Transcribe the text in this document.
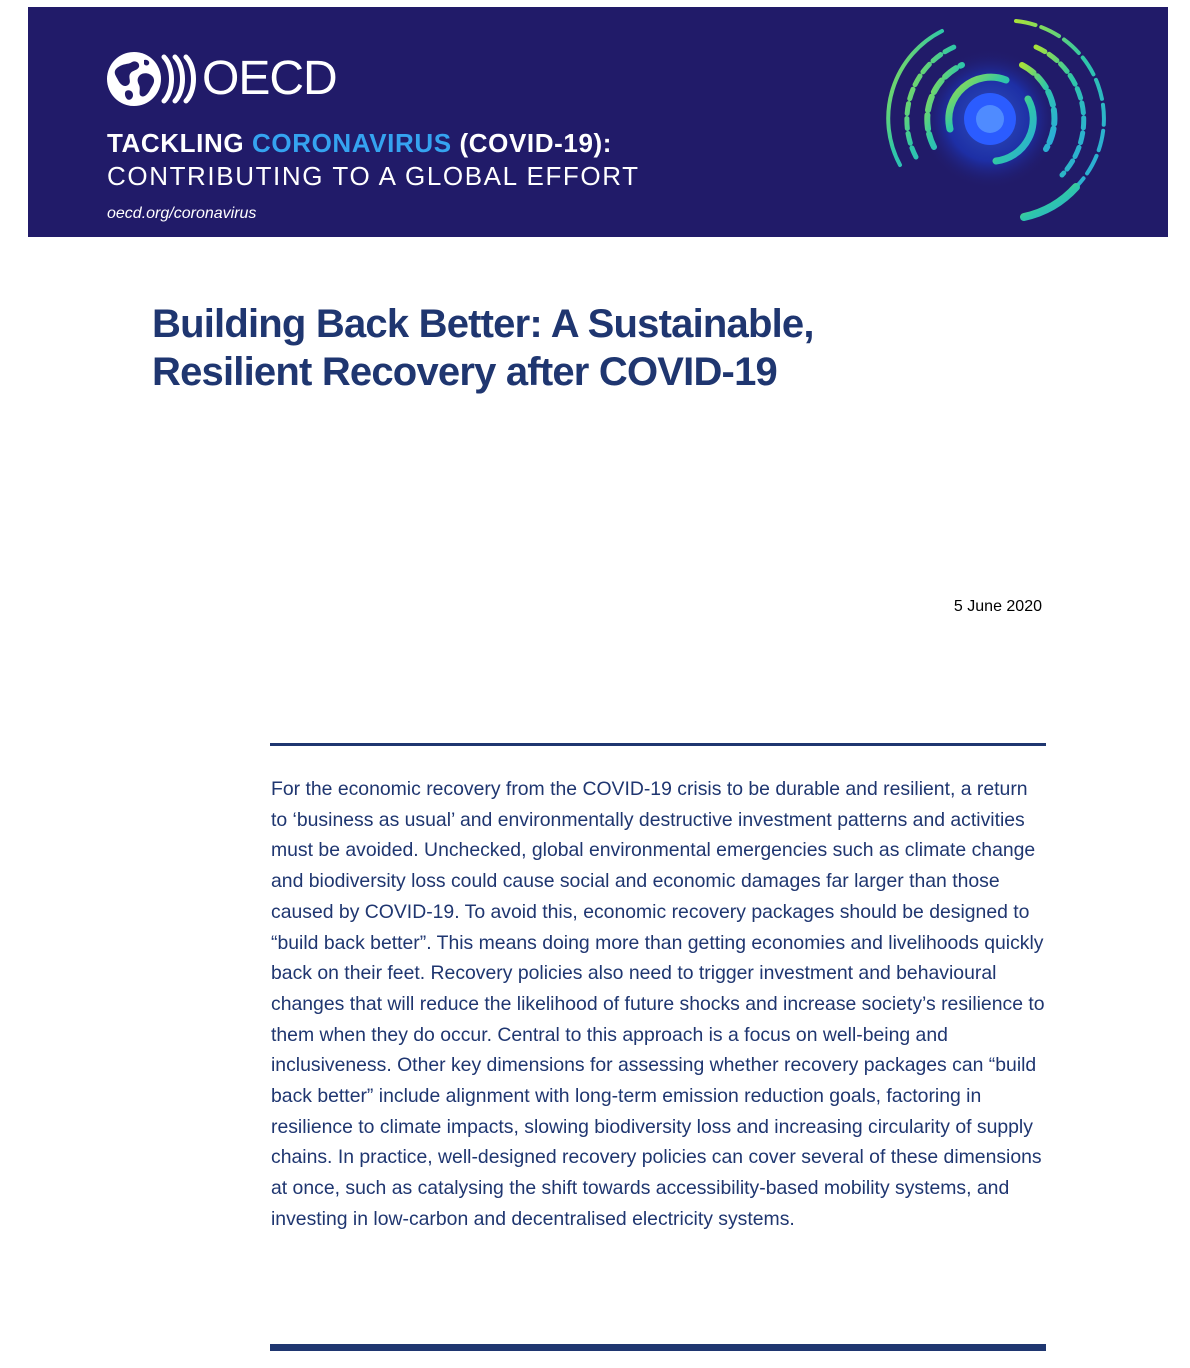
OECD
TACKLING CORONAVIRUS (COVID-19):
CONTRIBUTING TO A GLOBAL EFFORT
oecd.org/coronavirus
Building Back Better: A Sustainable,
Resilient Recovery after COVID-19
5 June 2020

For the economic recovery from the COVID-19 crisis to be durable and resilient, a return to ‘business as usual’ and environmentally destructive investment patterns and activities must be avoided. Unchecked, global environmental emergencies such as climate change and biodiversity loss could cause social and economic damages far larger than those caused by COVID-19. To avoid this, economic recovery packages should be designed to “build back better”. This means doing more than getting economies and livelihoods quickly back on their feet. Recovery policies also need to trigger investment and behavioural changes that will reduce the likelihood of future shocks and increase society’s resilience to them when they do occur. Central to this approach is a focus on well-being and inclusiveness. Other key dimensions for assessing whether recovery packages can “build back better” include alignment with long-term emission reduction goals, factoring in resilience to climate impacts, slowing biodiversity loss and increasing circularity of supply chains. In practice, well-designed recovery policies can cover several of these dimensions at once, such as catalysing the shift towards accessibility-based mobility systems, and investing in low-carbon and decentralised electricity systems.
